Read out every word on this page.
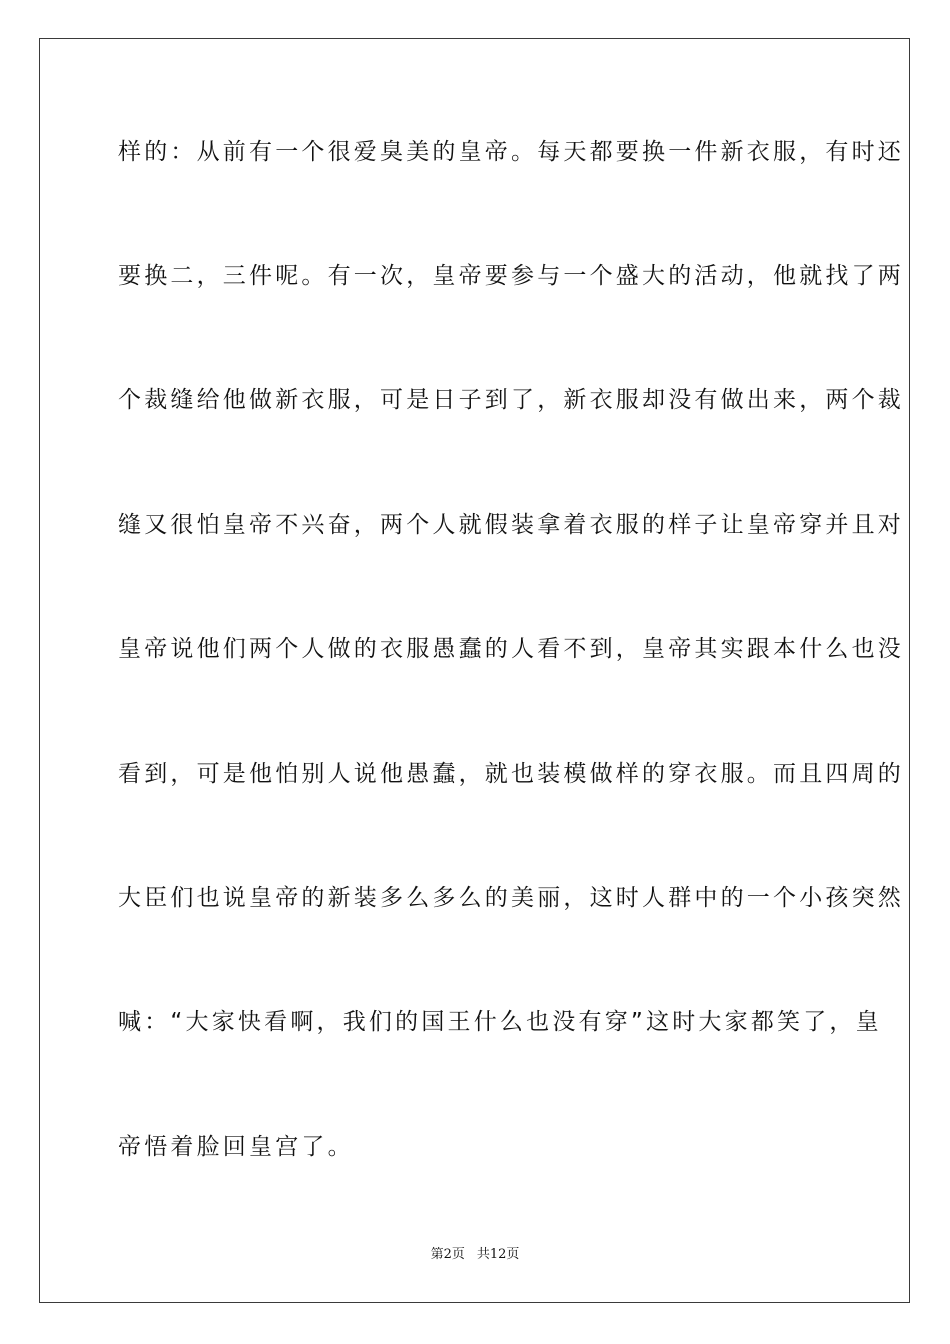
样的：从前有一个很爱臭美的皇帝。每天都要换一件新衣服，有时还
要换二，三件呢。有一次，皇帝要参与一个盛大的活动，他就找了两
个裁缝给他做新衣服，可是日子到了，新衣服却没有做出来，两个裁
缝又很怕皇帝不兴奋，两个人就假装拿着衣服的样子让皇帝穿并且对
皇帝说他们两个人做的衣服愚蠢的人看不到，皇帝其实跟本什么也没
看到，可是他怕别人说他愚蠢，就也装模做样的穿衣服。而且四周的
大臣们也说皇帝的新装多么多么的美丽，这时人群中的一个小孩突然
喊：“大家快看啊，我们的国王什么也没有穿”这时大家都笑了，皇
帝悟着脸回皇宫了。
第2页 共12页
